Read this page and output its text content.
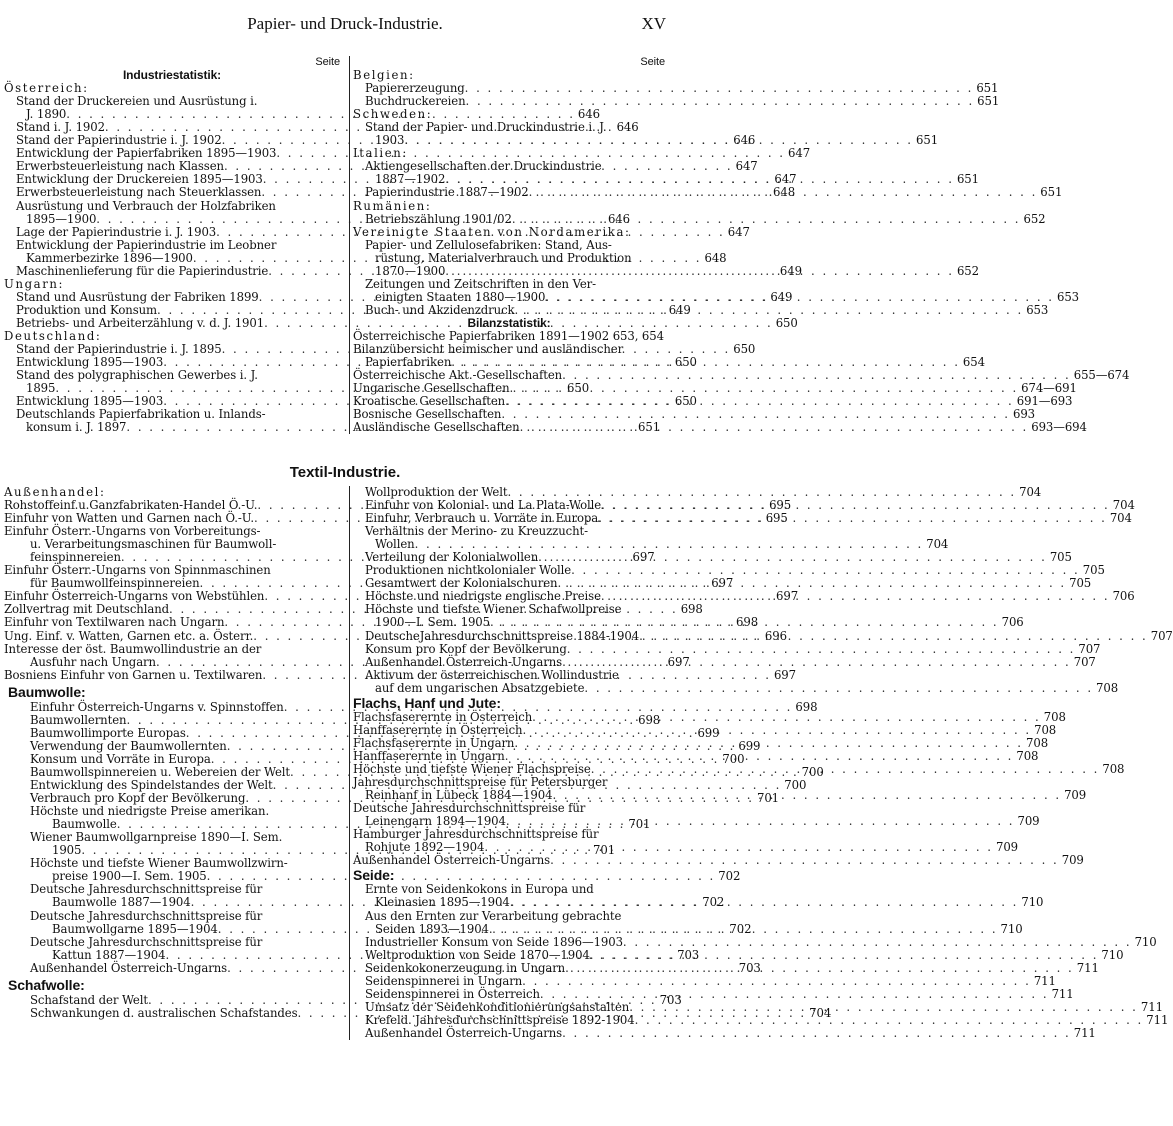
Papier- und Druck-Industrie.	XV
Seite
Industriestatistik:
Österreich:
Stand der Druckereien und Ausrüstung i.
J. 1890 . . .	646
Stand i. J. 1902 . . .	646
Stand der Papierindustrie i. J. 1902 . . .	646
Entwicklung der Papierfabriken 1895—1903 . . .	647
Erwerbsteuerleistung nach Klassen . . .	647
Entwicklung der Druckereien 1895—1903 . . .	647
Erwerbsteuerleistung nach Steuerklassen . . .	648
Ausrüstung und Verbrauch der Holzfabriken
1895—1900 . . .	646
Lage der Papierindustrie i. J. 1903 . . .	647
Entwicklung der Papierindustrie im Leobner
Kammerbezirke 1896—1900 . . .	648
Maschinenlieferung für die Papierindustrie . . .	649
Ungarn:
Stand und Ausrüstung der Fabriken 1899 . . .	649
Produktion und Konsum . . .	649
Betriebs- und Arbeiterzählung v. d. J. 1901 . . .	650
Deutschland:
Stand der Papierindustrie i. J. 1895 . . .	650
Entwicklung 1895—1903 . . .	650
Stand des polygraphischen Gewerbes i. J.
1895 . . .	650
Entwicklung 1895—1903 . . .	650
Deutschlands Papierfabrikation u. Inlands-
konsum i. J. 1897 . . .	651
Seite
Belgien:
Papiererzeugung . . .	651
Buchdruckereien . . .	651
Schweden:
Stand der Papier- und Druckindustrie i. J.
1903 . . .	651
Italien:
Aktiengesellschaften der Druckindustrie
1887—1902 . . .	651
Papierindustrie 1887—1902 . . .	651
Rumänien:
Betriebszählung 1901/02 . . .	652
Vereinigte Staaten von Nordamerika:
Papier- und Zellulosefabriken: Stand, Aus-
rüstung, Materialverbrauch und Produktion
1870—1900 . . .	652
Zeitungen und Zeitschriften in den Ver-
einigten Staaten 1880—1900 . . .	653
Buch- und Akzidenzdruck . . .	653
Bilanzstatistik:
Österreichische Papierfabriken 1891—1902 653, 654
Bilanzübersicht heimischer und ausländischer
Papierfabriken . . .	654
Österreichische Akt.-Gesellschaften . . .	655—674
Ungarische Gesellschaften . . .	674—691
Kroatische Gesellschaften . . .	691—693
Bosnische Gesellschaften . . .	693
Ausländische Gesellschaften . . .	693—694
Textil-Industrie.
Außenhandel:
Rohstoffeinf.u.Ganzfabrikaten-Handel Ö.-U. . . .	695
Einfuhr von Watten und Garnen nach Ö.-U. . . .	695
Einfuhr Österr.-Ungarns von Vorbereitungs-
u. Verarbeitungsmaschinen für Baumwoll-
feinspinnereien . . .	697
Einfuhr Österr.-Ungarns von Spinnmaschinen
für Baumwollfeinspinnereien . . .	697
Einfuhr Österreich-Ungarns von Webstühlen . . .	697
Zollvertrag mit Deutschland . . .	698
Einfuhr von Textilwaren nach Ungarn . . .	698
Ung. Einf. v. Watten, Garnen etc. a. Österr. . . .	696
Interesse der öst. Baumwollindustrie an der
Ausfuhr nach Ungarn . . .	697
Bosniens Einfuhr von Garnen u. Textilwaren . . .	697
Baumwolle:
Einfuhr Österreich-Ungarns v. Spinnstoffen . . .	698
Baumwollernten . . .	698
Baumwollimporte Europas . . .	699
Verwendung der Baumwollernten . . .	699
Konsum und Vorräte in Europa . . .	700
Baumwollspinnereien u. Webereien der Welt . . .	700
Entwicklung des Spindelstandes der Welt . . .	700
Verbrauch pro Kopf der Bevölkerung . . .	701
Höchste und niedrigste Preise amerikan.
Baumwolle . . .	701
Wiener Baumwollgarnpreise 1890—I. Sem.
1905 . . .	701
Höchste und tiefste Wiener Baumwollzwirn-
preise 1900—I. Sem. 1905 . . .	702
Deutsche Jahresdurchschnittspreise für
Baumwolle 1887—1904 . . .	702
Deutsche Jahresdurchschnittspreise für
Baumwollgarne 1895—1904 . . .	702
Deutsche Jahresdurchschnittspreise für
Kattun 1887—1904 . . .	703
Außenhandel Österreich-Ungarns . . .	703
Schafwolle:
Schafstand der Welt . . .	703
Schwankungen d. australischen Schafstandes . . .	704
Wollproduktion der Welt . . .	704
Einfuhr von Kolonial- und La Plata-Wolle . . .	704
Einfuhr, Verbrauch u. Vorräte in Europa . . .	704
Verhältnis der Merino- zu Kreuzzucht-
Wollen . . .	704
Verteilung der Kolonialwollen . . .	705
Produktionen nichtkolonialer Wolle . . .	705
Gesamtwert der Kolonialschuren . . .	705
Höchste und niedrigste englische Preise . . .	706
Höchste und tiefste Wiener Schafwollpreise
1900—I. Sem. 1905 . . .	706
DeutscheJahresdurchschnittspreise 1884-1904 . . .	707
Konsum pro Kopf der Bevölkerung . . .	707
Außenhandel Österreich-Ungarns . . .	707
Aktivum der österreichischen Wollindustrie
auf dem ungarischen Absatzgebiete . . .	708
Flachs, Hanf und Jute:
Flachsfaserernte in Österreich . . .	708
Hanffaserernte in Österreich . . .	708
Flachsfaserernte in Ungarn . . .	708
Hanffaserernte in Ungarn . . .	708
Höchste und tiefste Wiener Flachspreise . . .	708
Jahresdurchschnittspreise für Petersburger
Reinhanf in Lübeck 1884—1904 . . .	709
Deutsche Jahresdurchschnittspreise für
Leinengarn 1894—1904 . . .	709
Hamburger Jahresdurchschnittspreise für
Rohjute 1892—1904 . . .	709
Außenhandel Österreich-Ungarns . . .	709
Seide:
Ernte von Seidenkokons in Europa und
Kleinasien 1895—1904 . . .	710
Aus den Ernten zur Verarbeitung gebrachte
Seiden 1893—1904 . . .	710
Industrieller Konsum von Seide 1896—1903 . . .	710
Weltproduktion von Seide 1870—1904 . . .	710
Seidenkokonerzeugung in Ungarn . . .	711
Seidenspinnerei in Ungarn . . .	711
Seidenspinnerei in Österreich . . .	711
Umsatz der Seidenkonditionierungsanstalten . . .	711
Krefeld. Jahresdurchschnittspreise 1892-1904 . . .	711
Außenhandel Österreich-Ungarns . . .	711
